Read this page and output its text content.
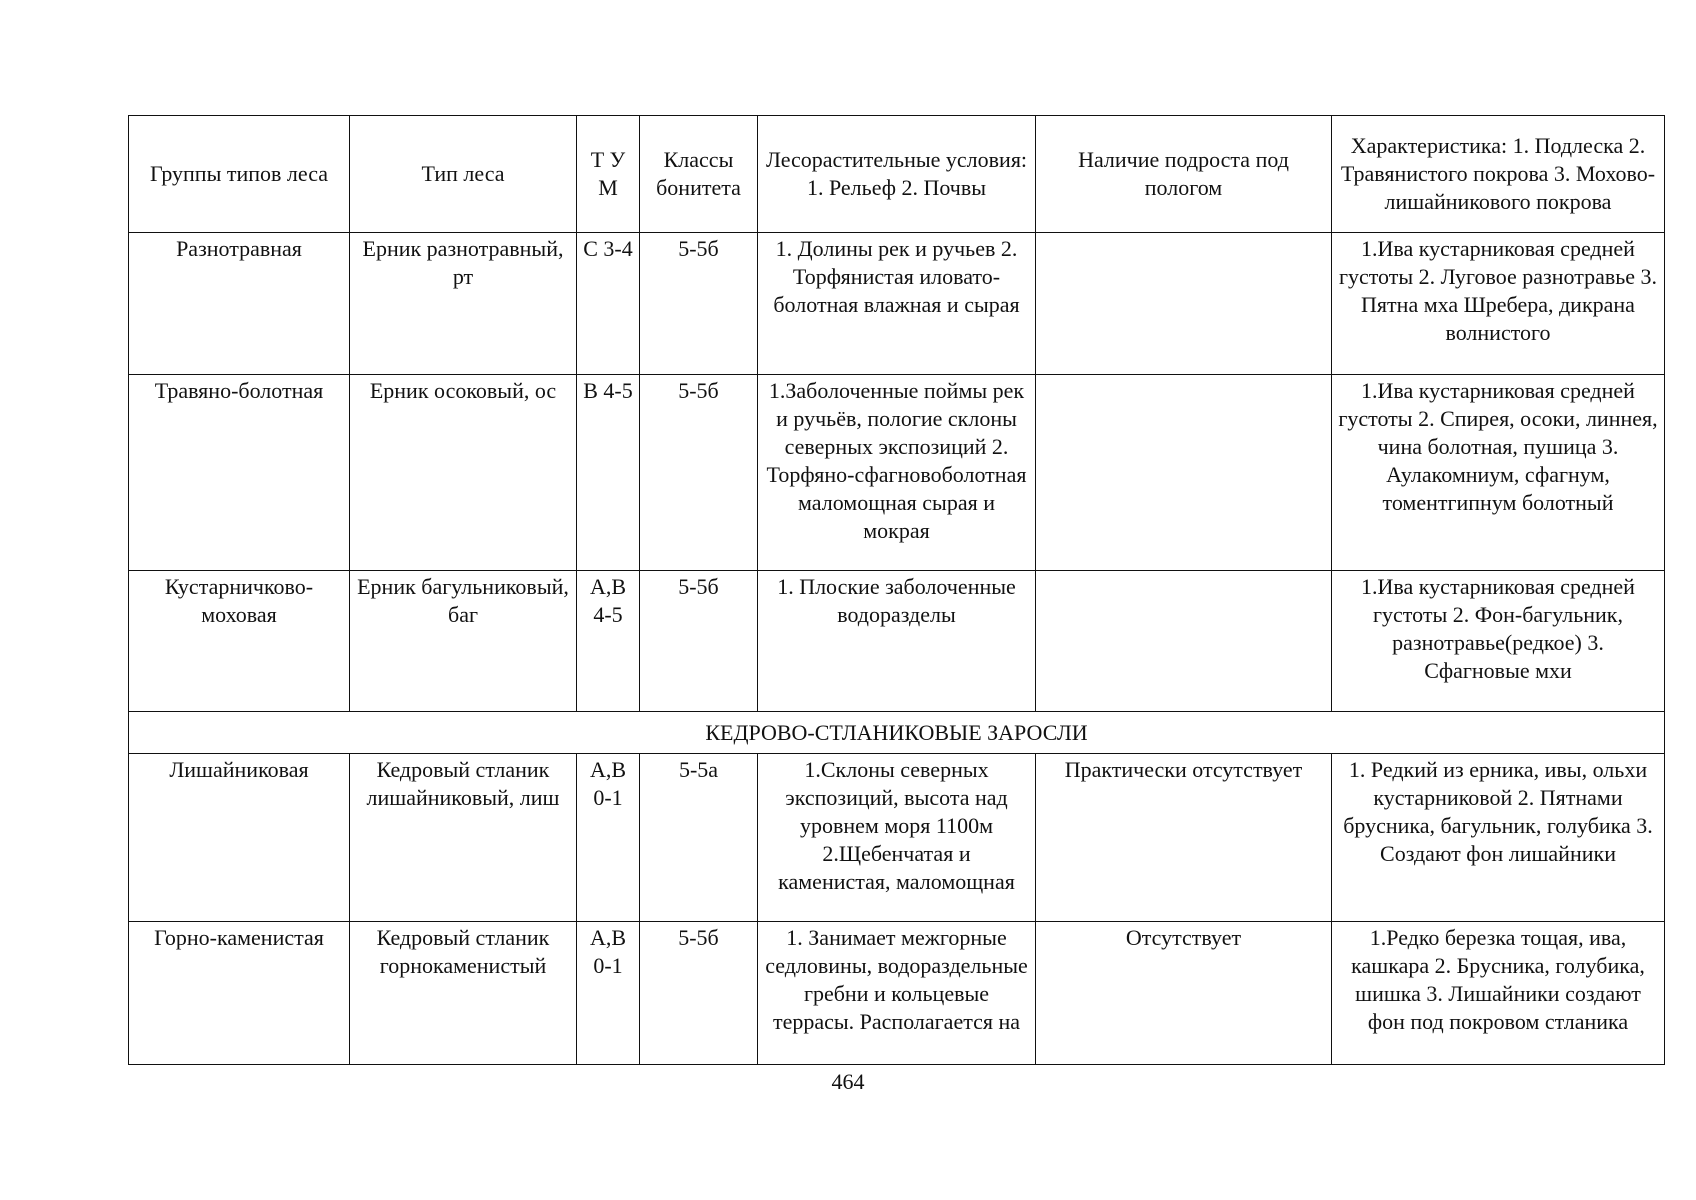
Группы типов леса	Тип леса	Т У М	Классы бонитета	Лесорастительные условия: 1. Рельеф 2. Почвы	Наличие подроста под пологом	Характеристика: 1. Подлеска 2. Травянистого покрова 3. Мохово-лишайникового покрова
Разнотравная	Ерник разнотравный, рт	С 3-4	5-5б	1. Долины рек и ручьев 2. Торфянистая иловато-болотная влажная и сырая		1.Ива кустарниковая средней густоты 2. Луговое разнотравье 3. Пятна мха Шребера, дикрана волнистого
Травяно-болотная	Ерник осоковый, ос	В 4-5	5-5б	1.Заболоченные поймы рек и ручьёв, пологие склоны северных экспозиций 2. Торфяно-сфагновоболотная маломощная сырая и мокрая		1.Ива кустарниковая средней густоты 2. Спирея, осоки, линнея, чина болотная, пушица 3. Аулакомниум, сфагнум, томентгипнум болотный
Кустарничково-моховая	Ерник багульниковый, баг	А,В 4-5	5-5б	1. Плоские заболоченные водоразделы		1.Ива кустарниковая средней густоты 2. Фон-багульник, разнотравье(редкое) 3. Сфагновые мхи
КЕДРОВО-СТЛАНИКОВЫЕ ЗАРОСЛИ						
Лишайниковая	Кедровый стланик лишайниковый, лиш	А,В 0-1	5-5а	1.Склоны северных экспозиций, высота над уровнем моря 1100м 2.Щебенчатая и каменистая, маломощная	Практически отсутствует	1. Редкий из ерника, ивы, ольхи кустарниковой 2. Пятнами брусника, багульник, голубика 3. Создают фон лишайники
Горно-каменистая	Кедровый стланик горнокаменистый	А,В 0-1	5-5б	1. Занимает межгорные седловины, водораздельные гребни и кольцевые террасы. Располагается на	Отсутствует	1.Редко березка тощая, ива, кашкара 2. Брусника, голубика, шишка 3. Лишайники создают фон под покровом стланика
464
